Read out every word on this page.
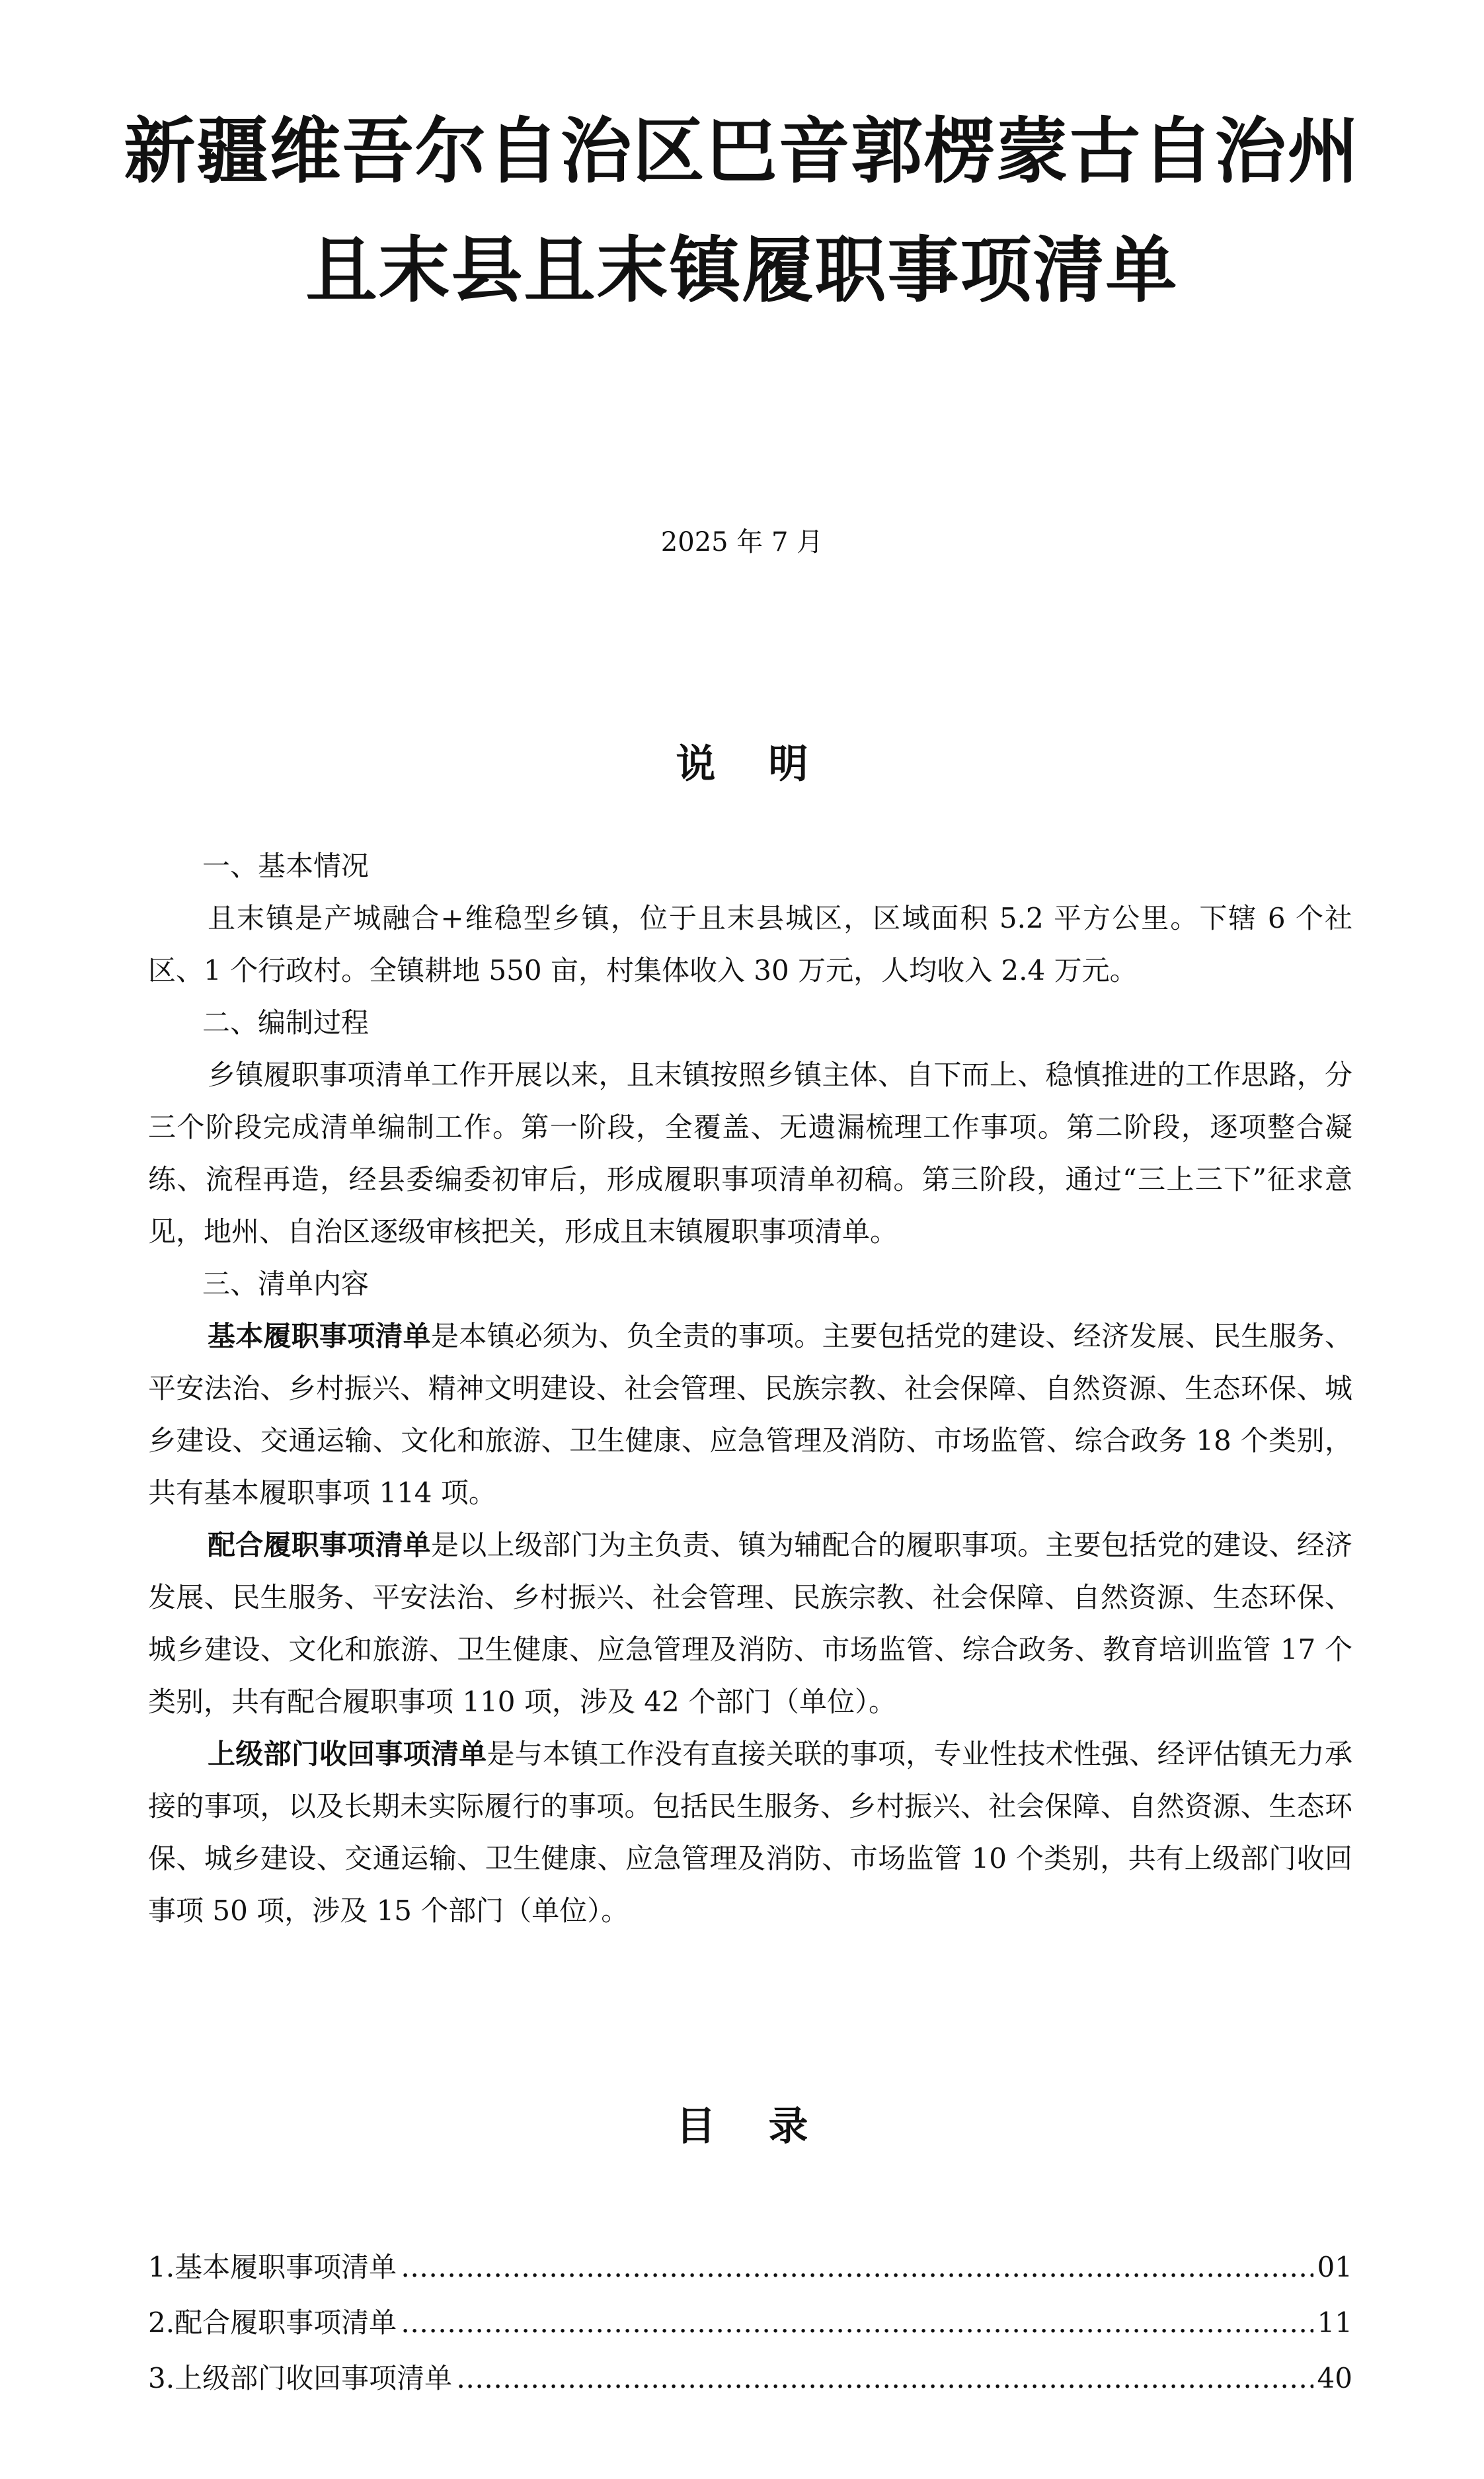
新疆维吾尔自治区巴音郭楞蒙古自治州
且末县且末镇履职事项清单
2025 年 7 月
说明

一、基本情况

且末镇是产城融合+维稳型乡镇，位于且末县城区，区域面积 5.2 平方公里。下辖 6 个社区、1 个行政村。全镇耕地 550 亩，村集体收入 30 万元，人均收入 2.4 万元。

二、编制过程

乡镇履职事项清单工作开展以来，且末镇按照乡镇主体、自下而上、稳慎推进的工作思路，分三个阶段完成清单编制工作。第一阶段，全覆盖、无遗漏梳理工作事项。第二阶段，逐项整合凝练、流程再造，经县委编委初审后，形成履职事项清单初稿。第三阶段，通过“三上三下”征求意见，地州、自治区逐级审核把关，形成且末镇履职事项清单。

三、清单内容

基本履职事项清单是本镇必须为、负全责的事项。主要包括党的建设、经济发展、民生服务、平安法治、乡村振兴、精神文明建设、社会管理、民族宗教、社会保障、自然资源、生态环保、城乡建设、交通运输、文化和旅游、卫生健康、应急管理及消防、市场监管、综合政务 18 个类别，共有基本履职事项 114 项。

配合履职事项清单是以上级部门为主负责、镇为辅配合的履职事项。主要包括党的建设、经济发展、民生服务、平安法治、乡村振兴、社会管理、民族宗教、社会保障、自然资源、生态环保、城乡建设、文化和旅游、卫生健康、应急管理及消防、市场监管、综合政务、教育培训监管 17 个类别，共有配合履职事项 110 项，涉及 42 个部门（单位）。

上级部门收回事项清单是与本镇工作没有直接关联的事项，专业性技术性强、经评估镇无力承接的事项，以及长期未实际履行的事项。包括民生服务、乡村振兴、社会保障、自然资源、生态环保、城乡建设、交通运输、卫生健康、应急管理及消防、市场监管 10 个类别，共有上级部门收回事项 50 项，涉及 15 个部门（单位）。

目录
1.基本履职事项清单 ……………………………………………………………………………………………………………………………………………………………………………………………………………………	01
2.配合履职事项清单 ……………………………………………………………………………………………………………………………………………………………………………………………………………………	11
3.上级部门收回事项清单 ……………………………………………………………………………………………………………………………………………………………………………………………………………………	40
